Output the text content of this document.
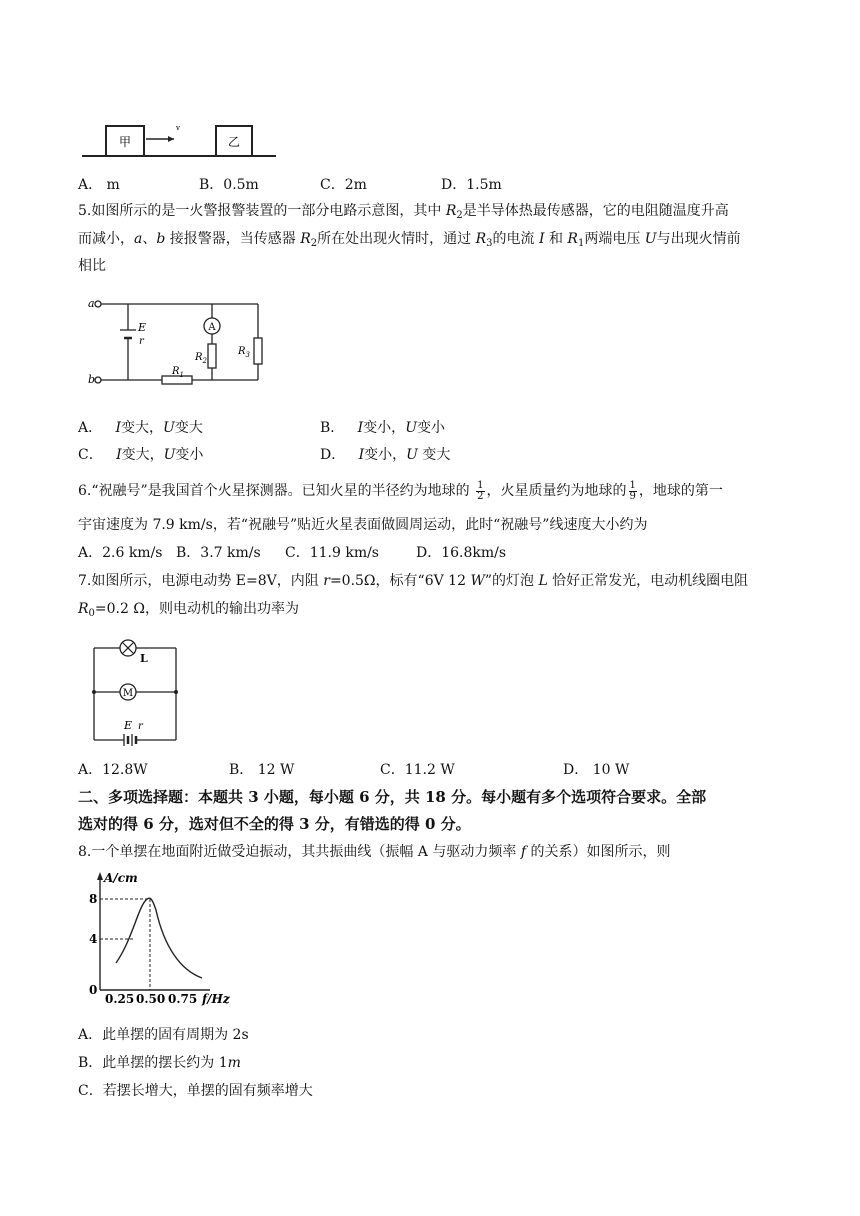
甲
v
乙
A． m	B．0.5m	C．2m	D．1.5m
5.如图所示的是一火警报警装置的一部分电路示意图，其中 $R_2$是半导体热最传感器，它的电阻随温度升高
而减小，a、b 接报警器，当传感器 $R_2$所在处出现火情时，通过 $R_3$的电流 I 和 $R_1$两端电压 U与出现火情前
相比
a
b
E
r
A
$R_2$
$R_3$
$R_1$
A． I变大，U变大	B． I变小，U变小
C． I变大，U变小	D． I变小，U 变大
6.“祝融号”是我国首个火星探测器。已知火星的半径约为地球的 $\frac{1}{2}$ ，火星质量约为地球的 $\frac{1}{9}$ ，地球的第一
宇宙速度为 7.9 km/s，若“祝融号”贴近火星表面做圆周运动，此时“祝融号”线速度大小约为
A．2.6 km/s B．3.7 km/s C．11.9 km/s	D．16.8km/s
7.如图所示，电源电动势 E=8V，内阻 r=0.5Ω，标有“6V 12 W”的灯泡 L 恰好正常发光，电动机线圈电阻
$R_0=0.2$ Ω，则电动机的输出功率为
M
L
E r
A．12.8W	B． 12 W	C．11.2 W	D． 10 W
二、多项选择题：本题共 3 小题，每小题 6 分，共 18 分。每小题有多个选项符合要求。全部
选对的得 6 分，选对但不全的得 3 分，有错选的得 0 分。
8.一个单摆在地面附近做受迫振动，其共振曲线（振幅 A 与驱动力频率 f 的关系）如图所示，则
A/cm
8
4
0
0.25 0.50 0.75 f/Hz
A．此单摆的固有周期为 2s
B．此单摆的摆长约为 1m
C．若摆长增大，单摆的固有频率增大
